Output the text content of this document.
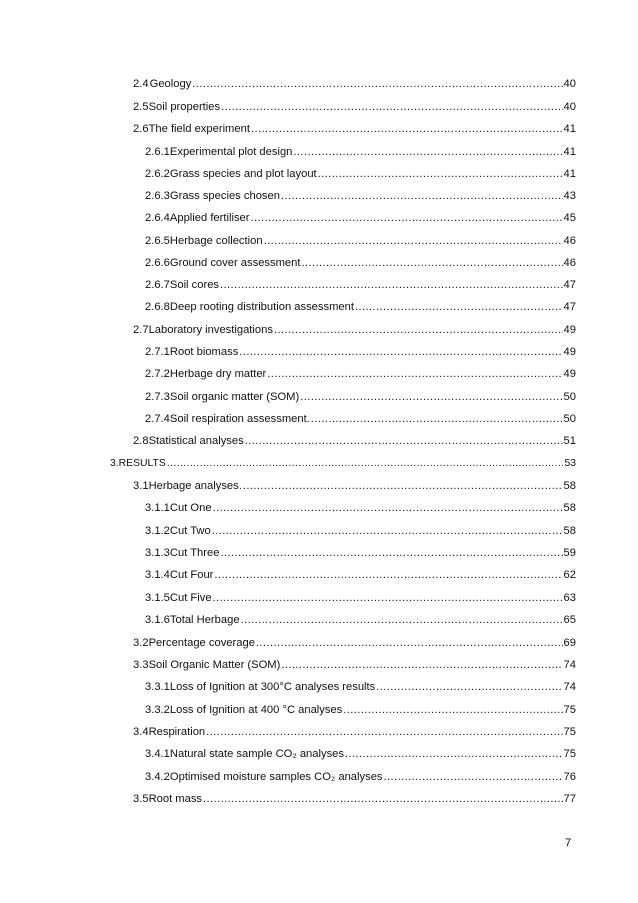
2.4 Geology .....	40
2.5 Soil properties .....	40
2.6 The field experiment .....	41
2.6.1 Experimental plot design .....	41
2.6.2 Grass species and plot layout .....	41
2.6.3 Grass species chosen .....	43
2.6.4 Applied fertiliser .....	45
2.6.5 Herbage collection .....	46
2.6.6 Ground cover assessment .....	46
2.6.7 Soil cores .....	47
2.6.8 Deep rooting distribution assessment .....	47
2.7 Laboratory investigations .....	49
2.7.1 Root biomass .....	49
2.7.2 Herbage dry matter .....	49
2.7.3 Soil organic matter (SOM) .....	50
2.7.4 Soil respiration assessment. .....	50
2.8 Statistical analyses .....	51
3. RESULTS .....	53
3.1 Herbage analyses. .....	58
3.1.1 Cut One .....	58
3.1.2 Cut Two .....	58
3.1.3 Cut Three .....	59
3.1.4 Cut Four .....	62
3.1.5 Cut Five .....	63
3.1.6 Total Herbage .....	65
3.2 Percentage coverage .....	69
3.3 Soil Organic Matter (SOM) .....	74
3.3.1 Loss of Ignition at 300°C analyses results .....	74
3.3.2 Loss of Ignition at 400 °C analyses .....	75
3.4 Respiration .....	75
3.4.1 Natural state sample CO₂ analyses .....	75
3.4.2 Optimised moisture samples CO₂ analyses .....	76
3.5 Root mass .....	77
7
